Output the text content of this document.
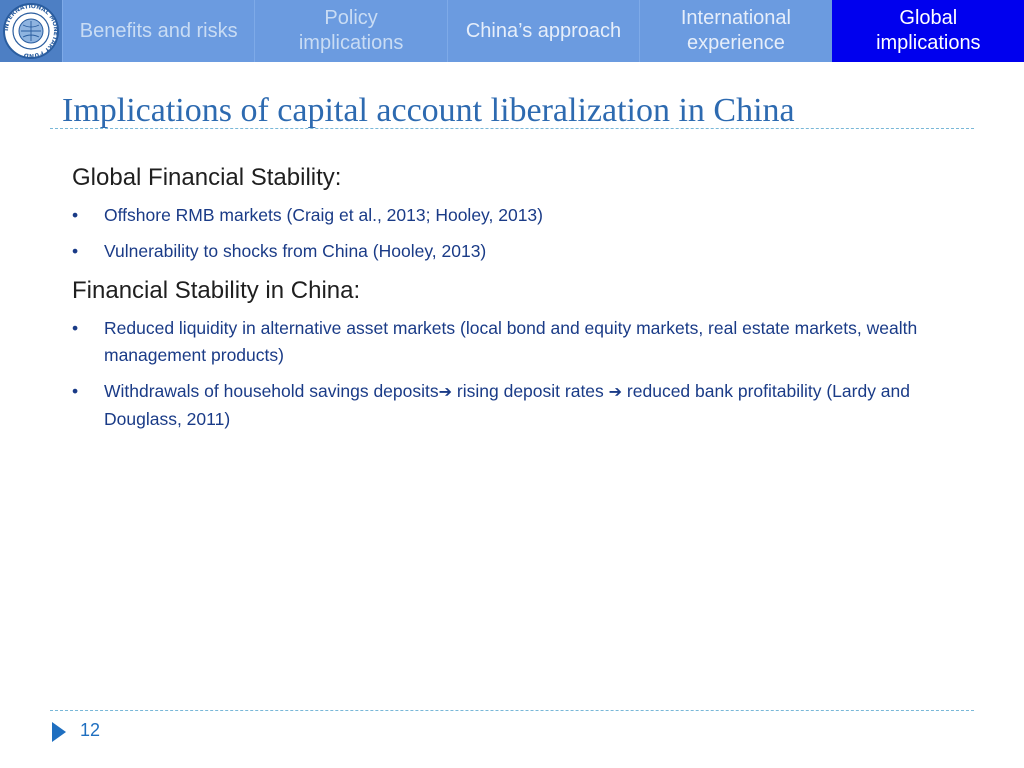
INTERNATIONAL MONETARY FUND
Benefits and risks
Policy
implications
China’s approach
International
experience
Global
implications
Implications of capital account liberalization in China
Global Financial Stability:
• Offshore RMB markets (Craig et al., 2013; Hooley, 2013)
• Vulnerability to shocks from China (Hooley, 2013)
Financial Stability in China:
• Reduced liquidity in alternative asset markets (local bond and equity markets, real estate markets, wealth management products)
• Withdrawals of household savings deposits➔ rising deposit rates ➔ reduced bank profitability (Lardy and Douglass, 2011)
12
